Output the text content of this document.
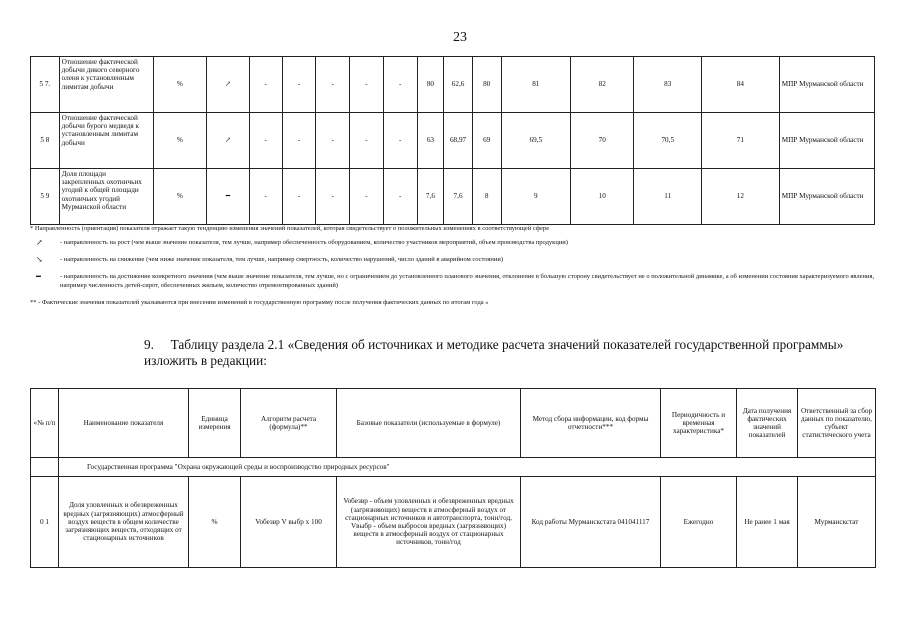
23
5 7.	Отношение фактической добычи дикого северного оленя к установленным лимитам добычи	%	↗	-	-	-	-	-	80	62,6	80	81	82	83	84	МПР Мурманской области
5 8	Отношение фактической добычи бурого медведя к установленным лимитам добычи	%	↗	-	-	-	-	-	63	68,97	69	69,5	70	70,5	71	МПР Мурманской области
5 9	Доля площади закрепленных охотничьих угодий к общей площади охотничьих угодий Мурманской области	%	━	-	-	-	-	-	7,6	7,6	8	9	10	11	12	МПР Мурманской области

* Направленность (ориентация) показателя отражает такую тенденцию изменения значений показателей, которая свидетельствует о положительных изменениях в соответствующей сфере

↗	- направленность на рост (чем выше значение показателя, тем лучше, например обеспеченность оборудованием, количество участников мероприятий, объем производства продукции)

↘	- направленность на снижение (чем ниже значение показателя, тем лучше, например смертность, количество нарушений, число зданий в аварийном состоянии)

━	- направленность на достижение конкретного значения (чем выше значение показателя, тем лучше, но с ограничением до установленного планового значения, отклонение в большую сторону свидетельствует не о положительной динамике, а об изменении состояния характеризуемого явления, например численность детей-сирот, обеспеченных жильем, количество отремонтированных зданий)

** - Фактические значения показателей указываются при внесении изменений в государственную программу после получения фактических данных по итогам года »

9.     Таблицу раздела 2.1 «Сведения об источниках и методике расчета значений показателей государственной программы» изложить в редакции:
«№ п/п	Наименование показателя	Единица измерения	Алгоритм расчета (формула)**	Базовые показатели (используемые в формуле)	Метод сбора информации, код формы отчетности***	Периодичность и временная характеристика*	Дата получения фактических значений показателей	Ответственный за сбор данных по показателю, субъект статистического учета
	Государственная программа "Охрана окружающей среды и воспроизводство природных ресурсов"							
0 1	Доля уловленных и обезвреженных вредных (загрязняющих) атмосферный воздух веществ в общем количестве загрязняющих веществ, отходящих от стационарных источников	%	Voбезвр V выбр х 100	Voбезвр - объем уловленных и обезвреженных вредных (загрязняющих) веществ в атмосферный воздух от стационарных источников и автотранспорта, тонн/год, Vвыбр - объем выбросов вредных (загрязняющих) веществ в атмосферный воздух от стационарных источников, тонн/год	Код работы Мурманскстата 041041117	Ежегодно	Не ранее 1 мая	Мурманскстат
